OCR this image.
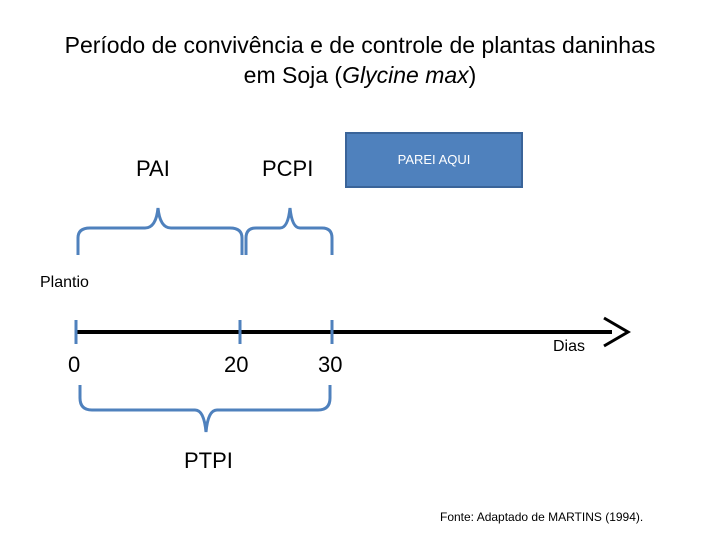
Período de convivência e de controle de plantas daninhas
em Soja (Glycine max)
PAI	PCPI	PAREI AQUI
Plantio
0	20	30
Dias
PTPI
Fonte: Adaptado de MARTINS (1994).
